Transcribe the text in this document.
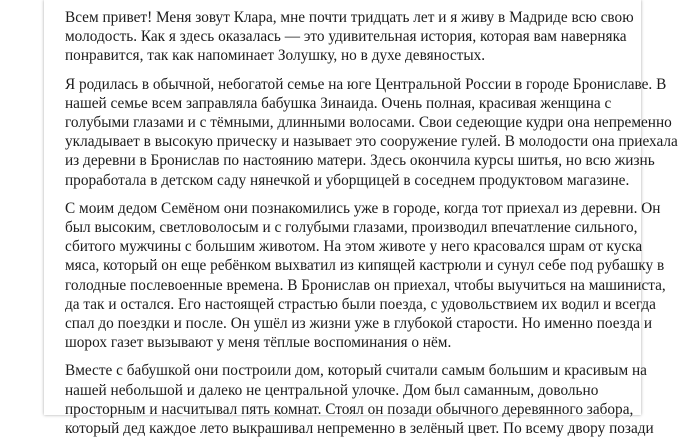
Всем привет! Меня зовут Клара, мне почти тридцать лет и я живу в Мадриде всю свою
молодость. Как я здесь оказалась — это удивительная история, которая вам наверняка
понравится, так как напоминает Золушку, но в духе девяностых.

Я родилась в обычной, небогатой семье на юге Центральной России в городе Брониславе. В
нашей семье всем заправляла бабушка Зинаида. Очень полная, красивая женщина с
голубыми глазами и с тёмными, длинными волосами. Свои седеющие кудри она непременно
укладывает в высокую прическу и называет это сооружение гулей. В молодости она приехала
из деревни в Бронислав по настоянию матери. Здесь окончила курсы шитья, но всю жизнь
проработала в детском саду нянечкой и уборщицей в соседнем продуктовом магазине.

С моим дедом Семёном они познакомились уже в городе, когда тот приехал из деревни. Он
был высоким, светловолосым и с голубыми глазами, производил впечатление сильного,
сбитого мужчины с большим животом. На этом животе у него красовался шрам от куска
мяса, который он еще ребёнком выхватил из кипящей кастрюли и сунул себе под рубашку в
голодные послевоенные времена. В Бронислав он приехал, чтобы выучиться на машиниста,
да так и остался. Его настоящей страстью были поезда, с удовольствием их водил и всегда
спал до поездки и после. Он ушёл из жизни уже в глубокой старости. Но именно поезда и
шорох газет вызывают у меня тёплые воспоминания о нём.

Вместе с бабушкой они построили дом, который считали самым большим и красивым на
нашей небольшой и далеко не центральной улочке. Дом был саманным, довольно
просторным и насчитывал пять комнат. Стоял он позади обычного деревянного забора,
который дед каждое лето выкрашивал непременно в зелёный цвет. По всему двору позади
